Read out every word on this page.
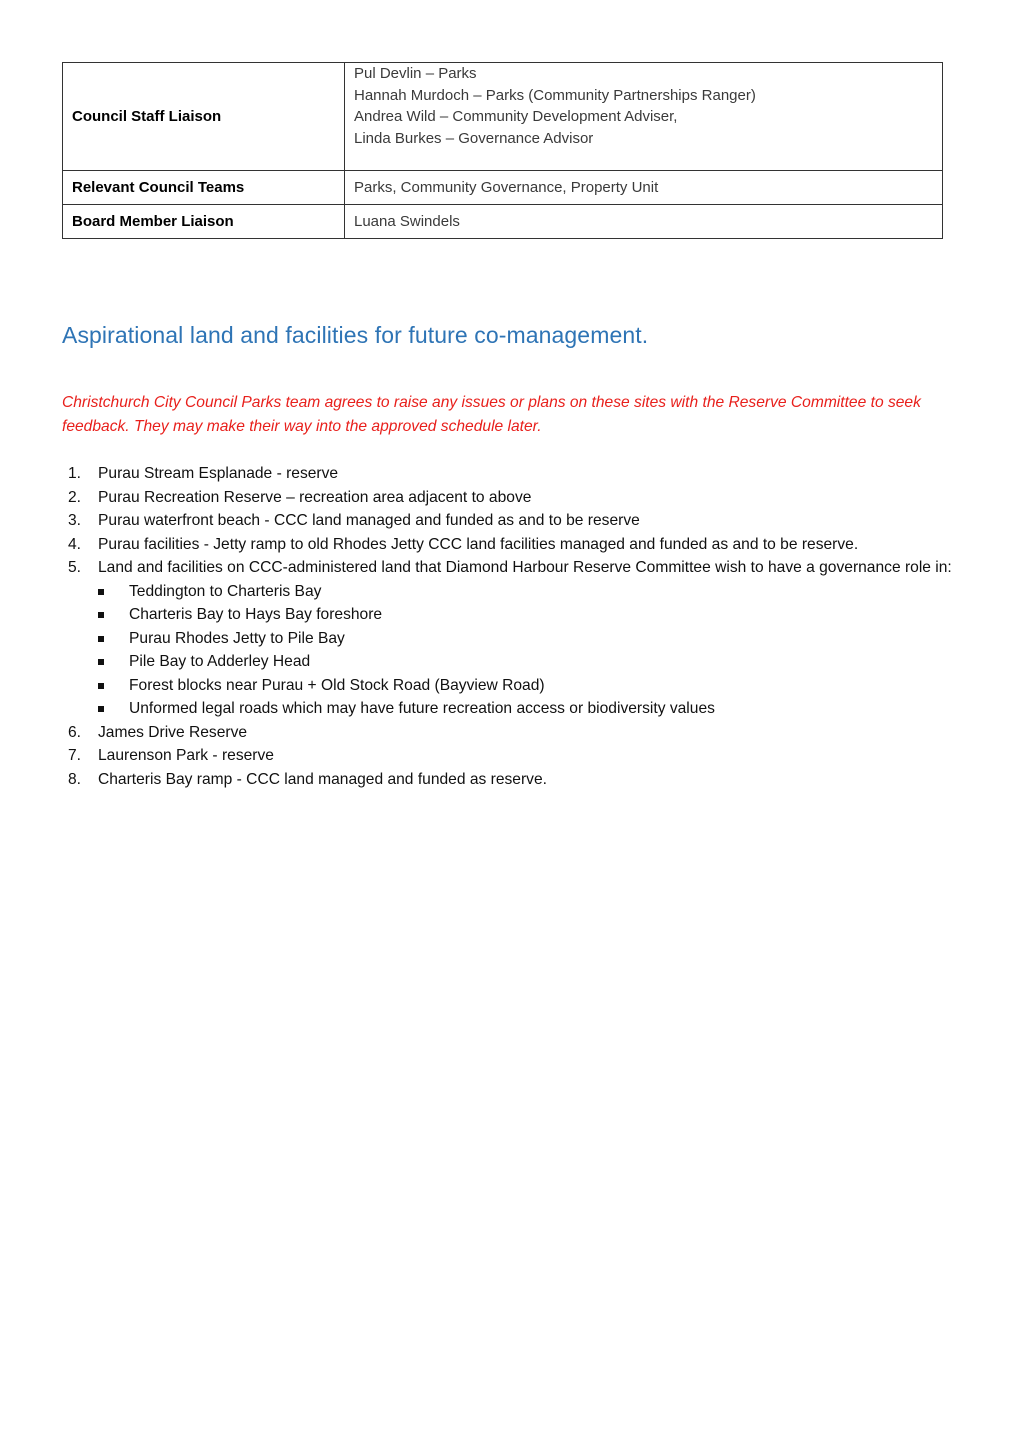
Council Staff Liaison	Pul Devlin – Parks
Hannah Murdoch – Parks (Community Partnerships Ranger)
Andrea Wild – Community Development Adviser,
Linda Burkes – Governance Advisor

Relevant Council Teams	Parks, Community Governance, Property Unit
Board Member Liaison	Luana Swindels
Aspirational land and facilities for future co-management.

Christchurch City Council Parks team agrees to raise any issues or plans on these sites with the Reserve Committee to seek feedback. They may make their way into the approved schedule later.

1. Purau Stream Esplanade - reserve
2. Purau Recreation Reserve – recreation area adjacent to above
3. Purau waterfront beach - CCC land managed and funded as and to be reserve
4. Purau facilities - Jetty ramp to old Rhodes Jetty CCC land facilities managed and funded as and to be reserve.
5. Land and facilities on CCC-administered land that Diamond Harbour Reserve Committee wish to have a governance role in:
Teddington to Charteris Bay
Charteris Bay to Hays Bay foreshore
Purau Rhodes Jetty to Pile Bay
Pile Bay to Adderley Head
Forest blocks near Purau + Old Stock Road (Bayview Road)
Unformed legal roads which may have future recreation access or biodiversity values
6. James Drive Reserve
7. Laurenson Park - reserve
8. Charteris Bay ramp - CCC land managed and funded as reserve.
